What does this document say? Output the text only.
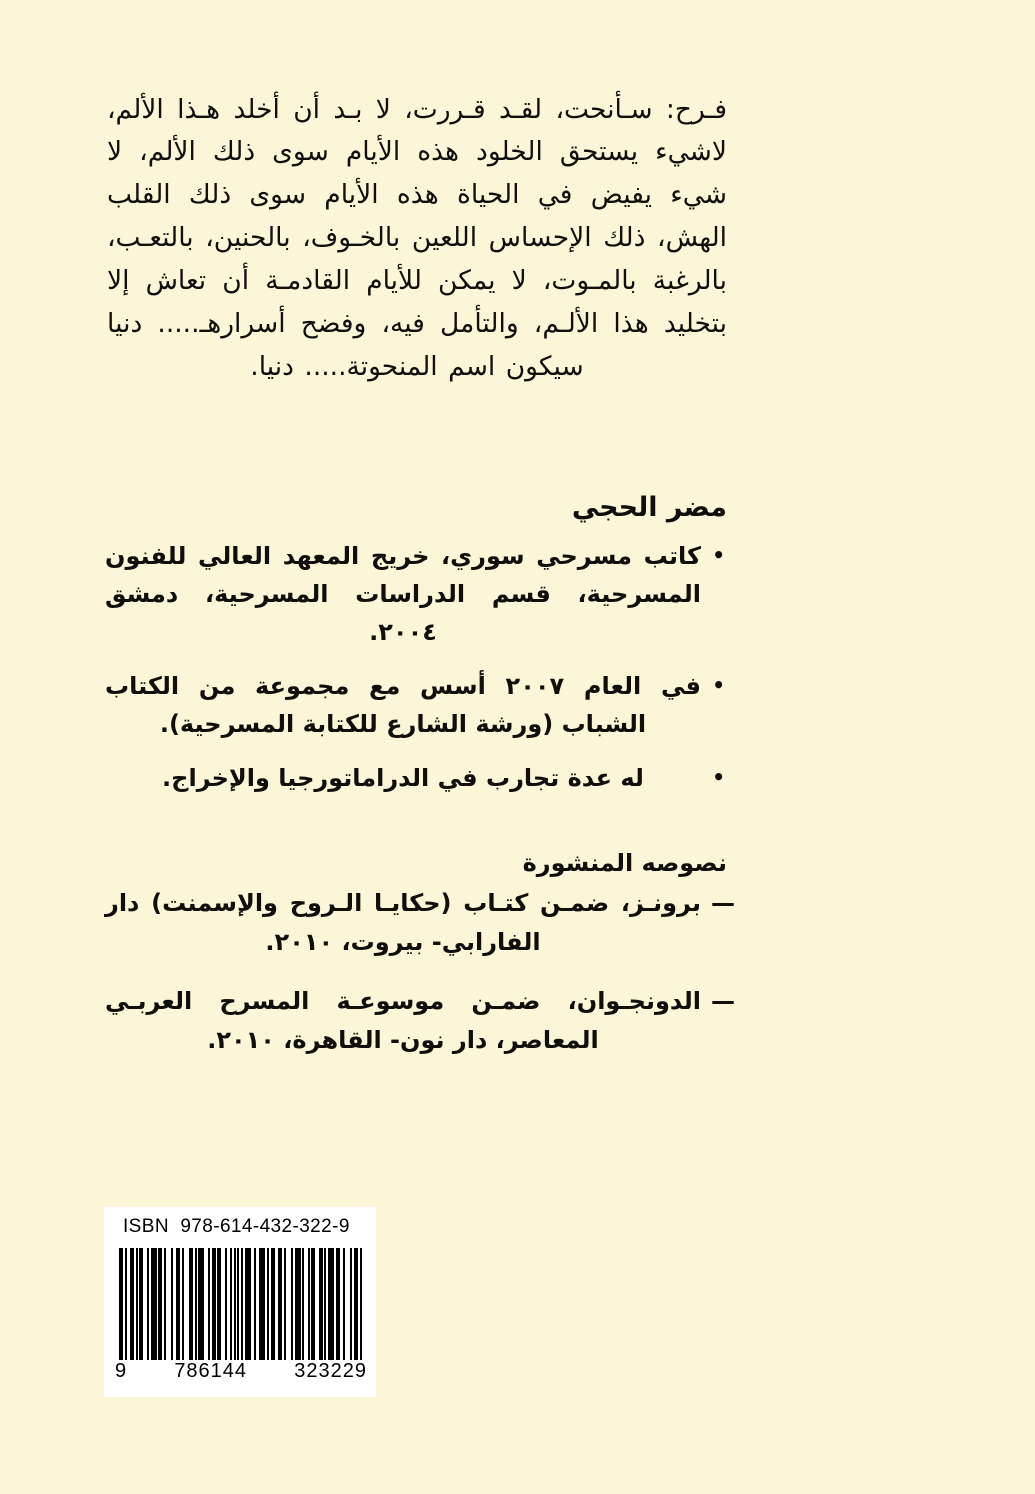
فـرح: سـأنحت، لقـد قـررت، لا بـد أن أخلد هـذا الألم، لاشيء يستحق الخلود هذه الأيام سوى ذلك الألم، لا شيء يفيض في الحياة هذه الأيام سوى ذلك القلب الهش، ذلك الإحساس اللعين بالخـوف، بالحنين، بالتعـب، بالرغبة بالمـوت، لا يمكن للأيام القادمـة أن تعاش إلا بتخليد هذا الألـم، والتأمل فيه، وفضح أسرارهـ..... دنيا سيكون اسم المنحوتة..... دنيا.

مضر الحجي
• كاتب مسرحي سوري، خريج المعهد العالي للفنون المسرحية، قسم الدراسات المسرحية، دمشق ٢٠٠٤.
• في العام ٢٠٠٧ أسس مع مجموعة من الكتاب الشباب (ورشة الشارع للكتابة المسرحية).
• له عدة تجارب في الدراماتورجيا والإخراج.
نصوصه المنشورة
— برونـز، ضمـن كتـاب (حكايـا الـروح والإسمنت) دار الفارابي- بيروت، ٢٠١٠.
— الدونجـوان، ضمـن موسوعـة المسرح العربـي المعاصر، دار نون- القاهرة، ٢٠١٠.
ISBN 978-614-432-322-9
9 786144 323229
